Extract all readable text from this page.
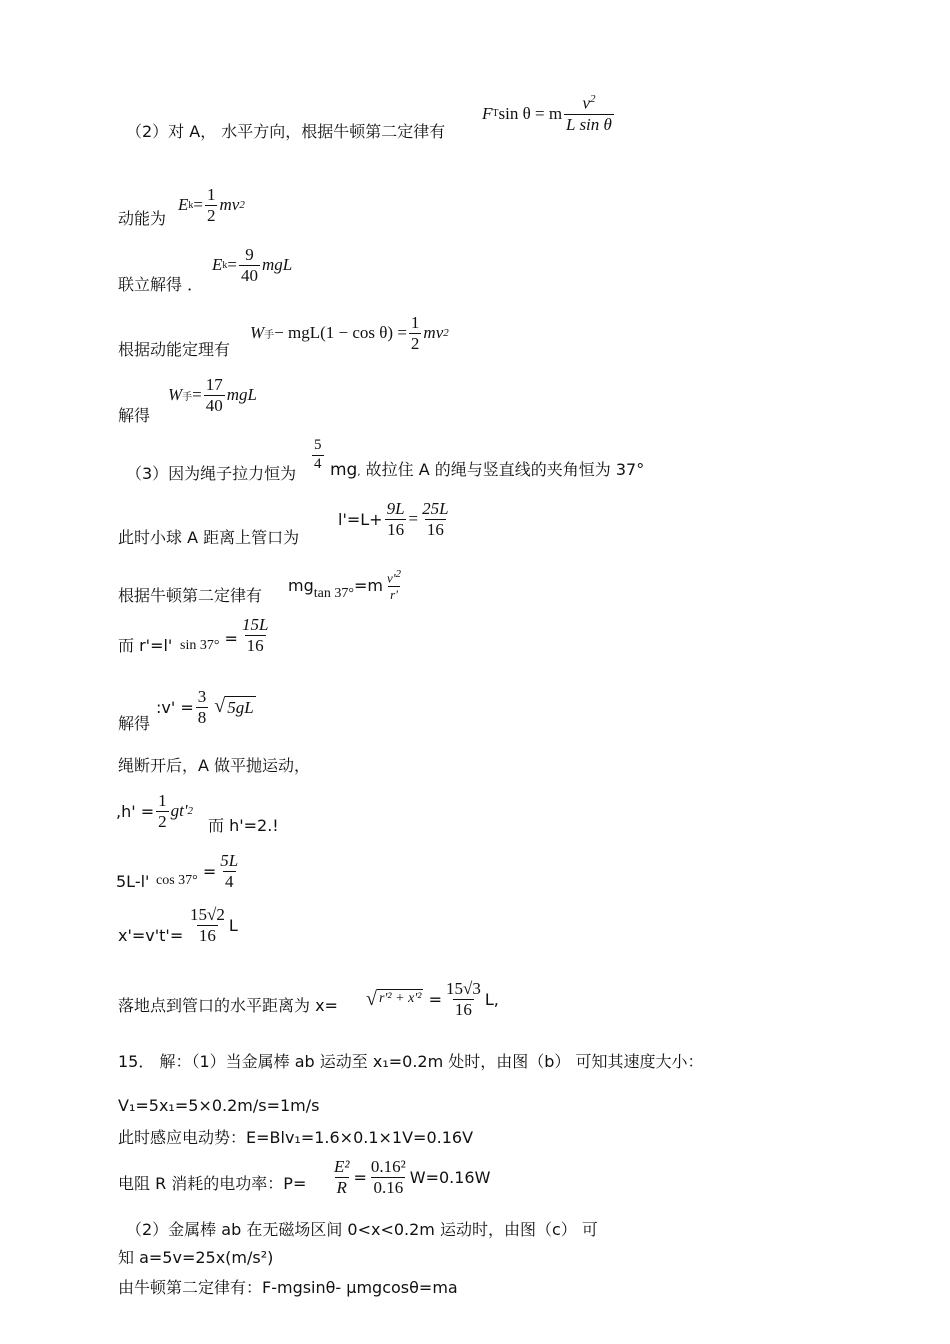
（2）对 A， 水平方向，根据牛顿第二定律有
F T sin θ = m $\frac{v^2}{\text{L sin θ}}$
动能为
E $k = \frac{1}{2}$ mv 2
联立解得 ．
E $k = \frac{9}{40}$ mgL
根据动能定理有
W 手 − $mgL(1 - \cos \theta) = \frac{1}{2}$ mv 2
解得
W 手 = $\frac{17}{40}$ mgL
（3）因为绳子拉力恒为
$\frac{5}{4}$ mg, 故拉住 A 的绳与竖直线的夹角恒为 37°
此时小球 A 距离上管口为
$l'=L+ \frac{9L}{16} = \frac{25L}{16}$
根据牛顿第二定律有
mg $\tan 37^\circ =m \frac{v'^2}{r'}$
而 r'=l' $\sin 37^\circ = \frac{15L}{16}$
解得
:v' = $\frac{3}{8}$ √ 5gL
绳断开后，A 做平抛运动，
, $h' = \frac{1}{2} gt'$ 2
而 h'=2.!
5L-l' $\cos 37^\circ = \frac{5L}{4}$
$x'=v't'= \frac{15√2}{16}$ L
落地点到管口的水平距离为 x= √ $r'^2 + x'^2 = \frac{15√3}{16} L$,
15． 解：（1）当金属棒 ab 运动至 x₁=0.2m 处时，由图（b） 可知其速度大小：
V₁=5x₁=5×0.2m/s=1m/s
此时感应电动势：E=Blv₁=1.6×0.1×1V=0.16V
电阻 R 消耗的电功率：$P= \frac{\text{E²}}{R} = \frac{\text{0.16²}}{0.16} W=0.16W$
（2）金属棒 ab 在无磁场区间 0<x<0.2m 运动时，由图（c） 可
知 a=5v=25x(m/s²)
由牛顿第二定律有：F-mgsinθ- μmgcosθ=ma
